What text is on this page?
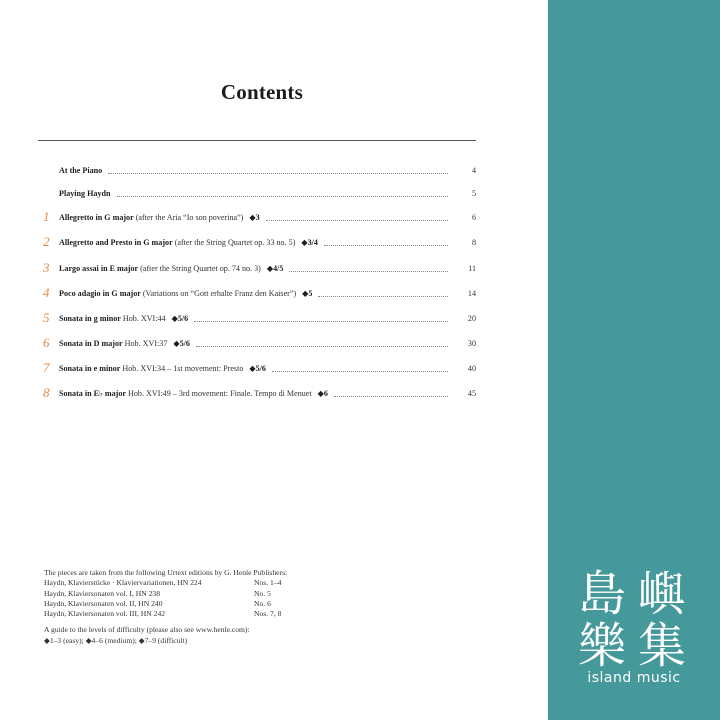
Contents
At the Piano	4
Playing Haydn	5
1	Allegretto in G major (after the Aria “Io son poverina”) ◆3	6
2	Allegretto and Presto in G major (after the String Quartet op. 33 no. 5) ◆3/4	8
3	Largo assai in E major (after the String Quartet op. 74 no. 3) ◆4/5	11
4	Poco adagio in G major (Variations on “Gott erhalte Franz den Kaiser”) ◆5	14
5	Sonata in g minor Hob. XVI:44 ◆5/6	20
6	Sonata in D major Hob. XVI:37 ◆5/6	30
7	Sonata in e minor Hob. XVI:34 – 1st movement: Presto ◆5/6	40
8	Sonata in E♭ major Hob. XVI:49 – 3rd movement: Finale. Tempo di Menuet ◆6	45
The pieces are taken from the following Urtext editions by G. Henle Publishers:
Haydn, Klavierstücke · Klaviervariationen, HN 224	Nos. 1–4
Haydn, Klaviersonaten vol. I, HN 238	No. 5
Haydn, Klaviersonaten vol. II, HN 240	No. 6
Haydn, Klaviersonaten vol. III, HN 242	Nos. 7, 8
A guide to the levels of difficulty (please also see www.henle.com):
◆1–3 (easy); ◆4–6 (medium); ◆7–9 (difficult)
島 嶼
樂 集
island music
